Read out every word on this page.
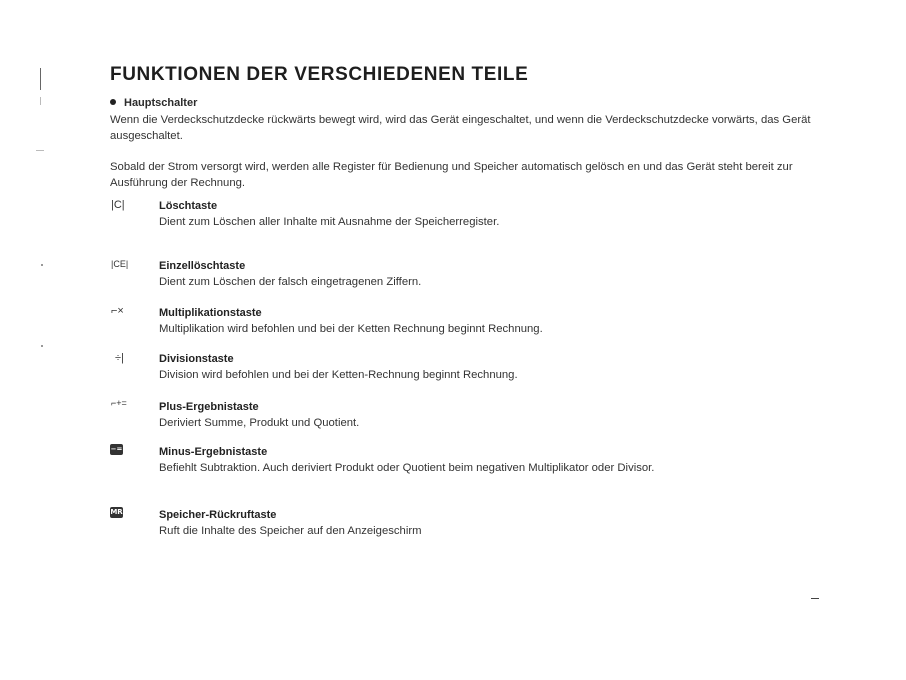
FUNKTIONEN DER VERSCHIEDENEN TEILE
Hauptschalter
Wenn die Verdeckschutzdecke rückwärts bewegt wird, wird das Gerät eingeschaltet, und wenn die Verdeckschutzdecke vorwärts, das Gerät ausgeschaltet.
Sobald der Strom versorgt wird, werden alle Register für Bedienung und Speicher automatisch gelösch en und das Gerät steht bereit zur Ausführung der Rechnung.
|C|	Löschtaste
Dient zum Löschen aller Inhalte mit Ausnahme der Speicherregister.
|CE|	Einzellöschtaste
Dient zum Löschen der falsch eingetragenen Ziffern.
⌐×	Multiplikationstaste
Multiplikation wird befohlen und bei der Ketten Rechnung beginnt Rechnung.
÷|	Divisionstaste
Division wird befohlen und bei der Ketten-Rechnung beginnt Rechnung.
⌐+=	Plus-Ergebnistaste
Deriviert Summe, Produkt und Quotient.
−=	Minus-Ergebnistaste
Befiehlt Subtraktion. Auch deriviert Produkt oder Quotient beim negativen Multiplikator oder Divisor.
MR	Speicher-Rückruftaste
Ruft die Inhalte des Speicher auf den Anzeigeschirm
